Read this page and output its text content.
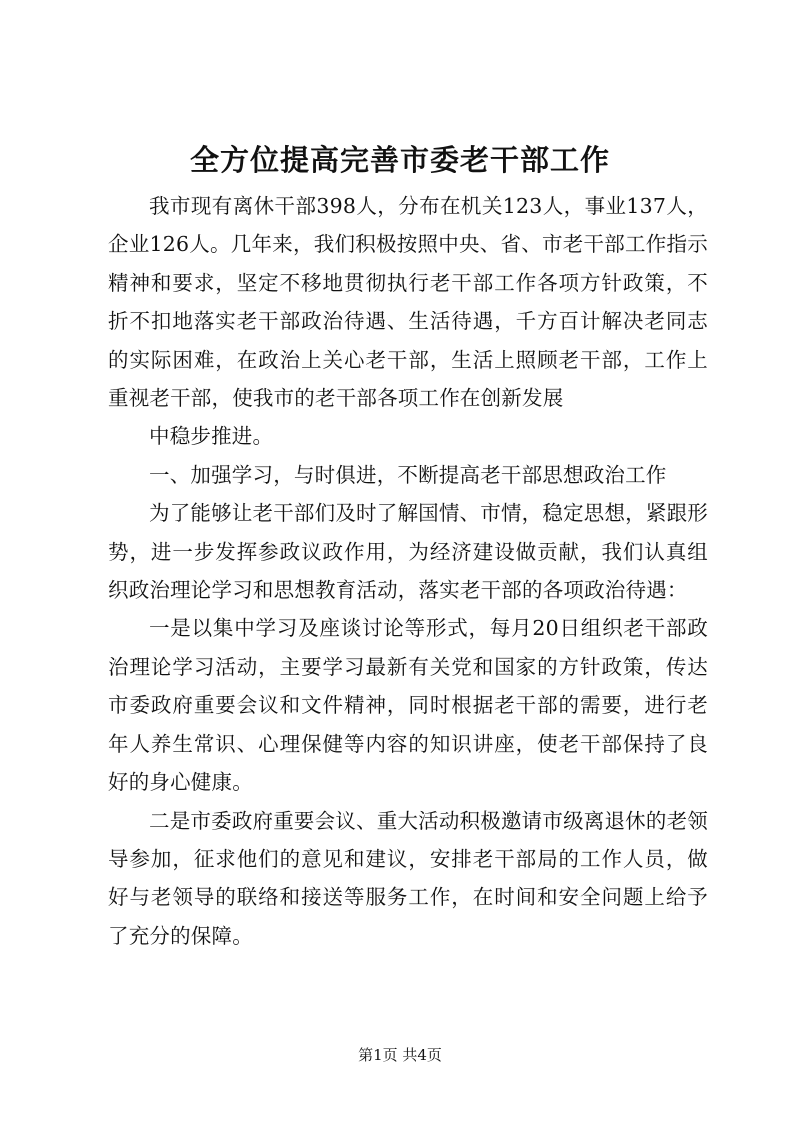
全方位提高完善市委老干部工作

我市现有离休干部398人，分布在机关123人，事业137人，企业126人。几年来，我们积极按照中央、省、市老干部工作指示精神和要求，坚定不移地贯彻执行老干部工作各项方针政策，不折不扣地落实老干部政治待遇、生活待遇，千方百计解决老同志的实际困难，在政治上关心老干部，生活上照顾老干部，工作上重视老干部，使我市的老干部各项工作在创新发展

中稳步推进。

一、加强学习，与时俱进，不断提高老干部思想政治工作

为了能够让老干部们及时了解国情、市情，稳定思想，紧跟形势，进一步发挥参政议政作用，为经济建设做贡献，我们认真组织政治理论学习和思想教育活动，落实老干部的各项政治待遇：

一是以集中学习及座谈讨论等形式，每月20日组织老干部政治理论学习活动，主要学习最新有关党和国家的方针政策，传达市委政府重要会议和文件精神，同时根据老干部的需要，进行老年人养生常识、心理保健等内容的知识讲座，使老干部保持了良好的身心健康。

二是市委政府重要会议、重大活动积极邀请市级离退休的老领导参加，征求他们的意见和建议，安排老干部局的工作人员，做好与老领导的联络和接送等服务工作，在时间和安全问题上给予了充分的保障。

第1页 共4页
